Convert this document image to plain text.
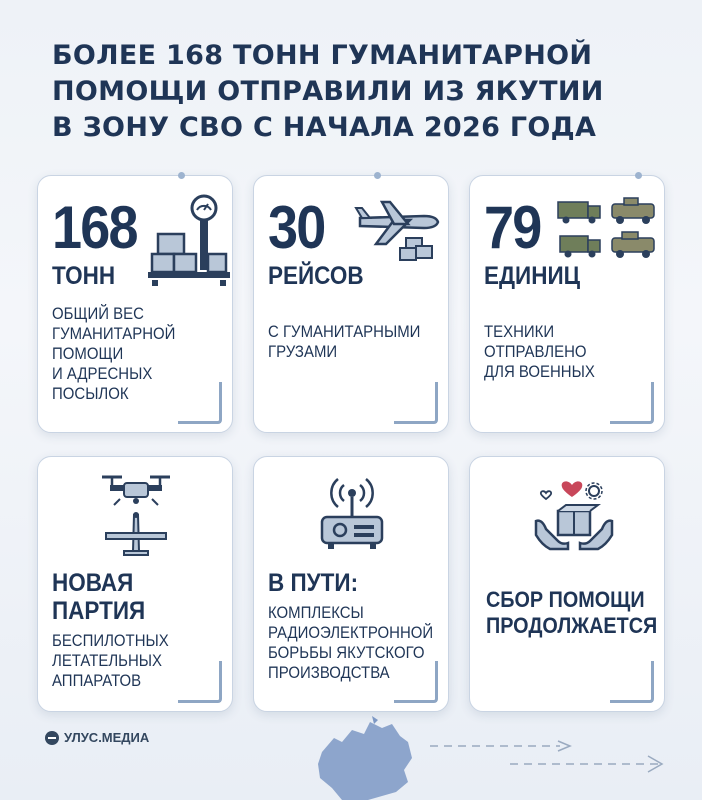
БОЛЕЕ 168 ТОНН ГУМАНИТАРНОЙ
ПОМОЩИ ОТПРАВИЛИ ИЗ ЯКУТИИ
В ЗОНУ СВО С НАЧАЛА 2026 ГОДА
168
ТОНН
ОБЩИЙ ВЕС
ГУМАНИТАРНОЙ
ПОМОЩИ
И АДРЕСНЫХ
ПОСЫЛОК
30
РЕЙСОВ
С ГУМАНИТАРНЫМИ
ГРУЗАМИ
79
ЕДИНИЦ
ТЕХНИКИ
ОТПРАВЛЕНО
ДЛЯ ВОЕННЫХ
НОВАЯ
ПАРТИЯ
БЕСПИЛОТНЫХ
ЛЕТАТЕЛЬНЫХ
АППАРАТОВ
В ПУТИ:
КОМПЛЕКСЫ
РАДИОЭЛЕКТРОННОЙ
БОРЬБЫ ЯКУТСКОГО
ПРОИЗВОДСТВА
СБОР ПОМОЩИ
ПРОДОЛЖАЕТСЯ
УЛУС.МЕДИА
